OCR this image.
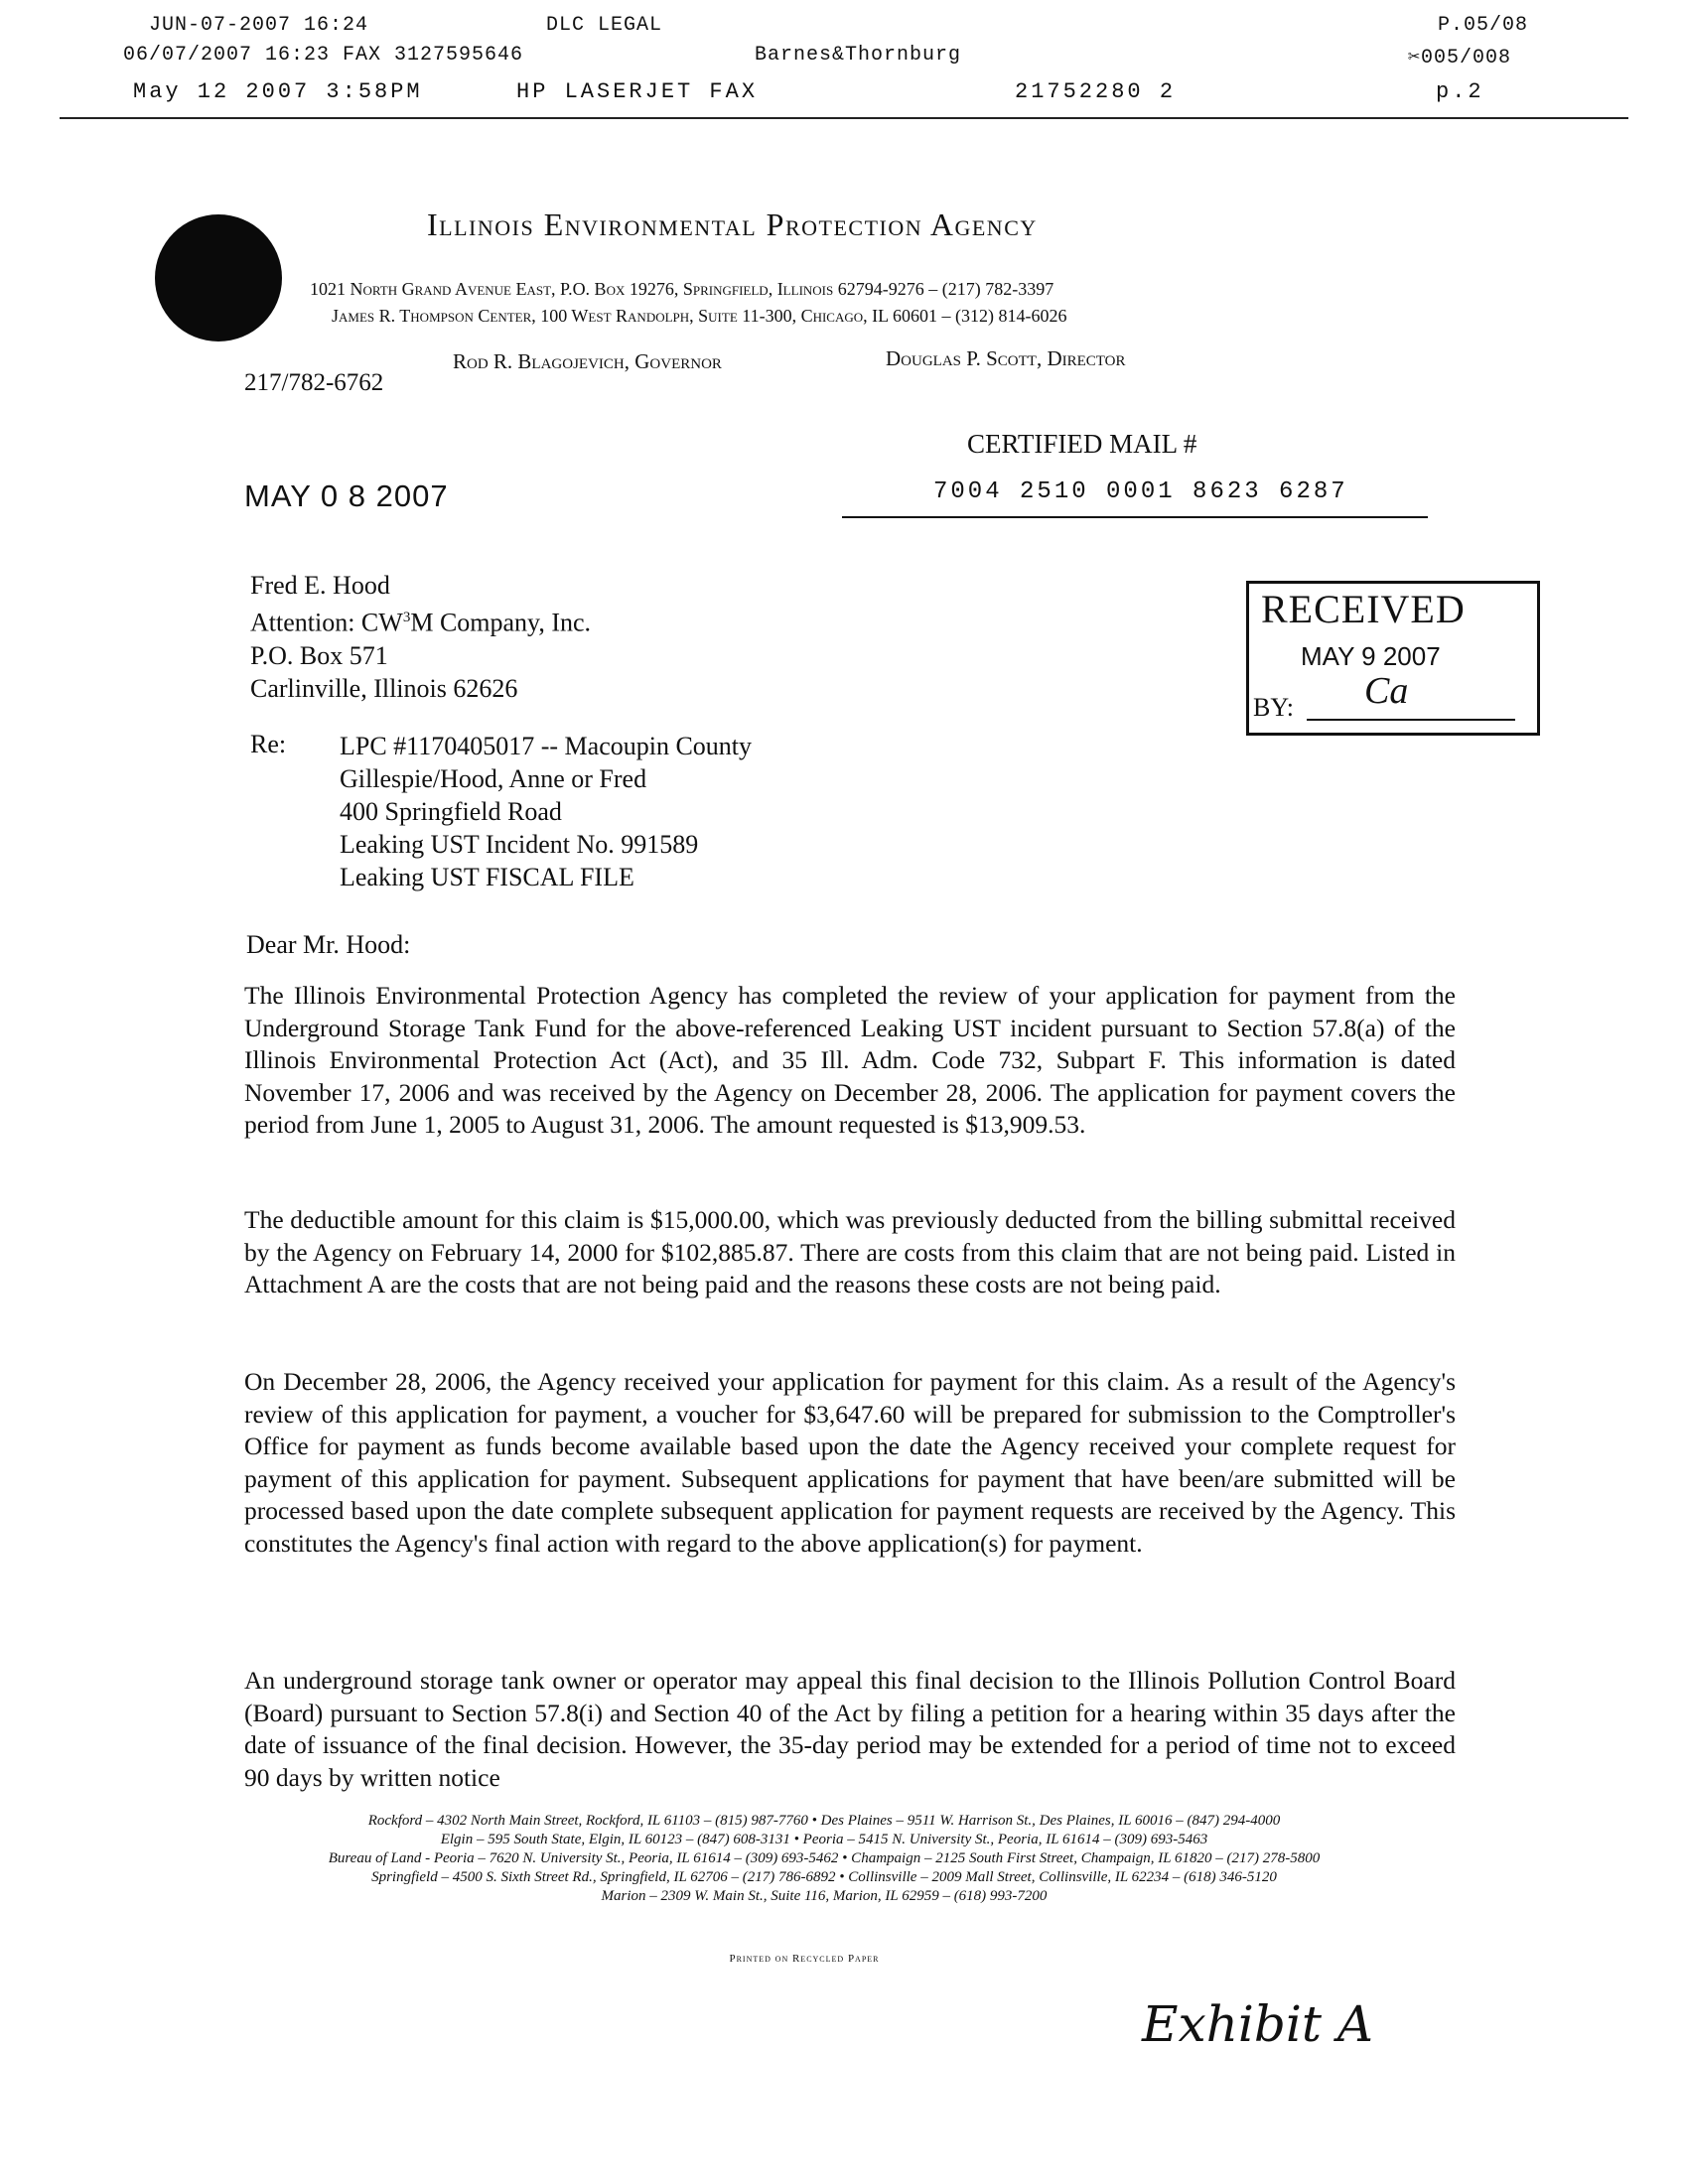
JUN-07-2007 16:24	DLC LEGAL	P.05/08
06/07/2007 16:23 FAX 3127595646	Barnes&Thornburg	✂005/008
May 12 2007 3:58PM	HP LASERJET FAX	21752280 2	p.2
Illinois Environmental Protection Agency
1021 North Grand Avenue East, P.O. Box 19276, Springfield, Illinois 62794-9276 – (217) 782-3397
James R. Thompson Center, 100 West Randolph, Suite 11-300, Chicago, IL 60601 – (312) 814-6026
Rod R. Blagojevich, Governor	Douglas P. Scott, Director
217/782-6762
CERTIFIED MAIL #
7004 2510 0001 8623 6287
MAY 0 8 2007
RECEIVED
MAY 9 2007
BY: Ca
Fred E. Hood
Attention: $CW^3M$ Company, Inc.
P.O. Box 571
Carlinville, Illinois 62626
Re: LPC #1170405017 -- Macoupin County
Gillespie/Hood, Anne or Fred
400 Springfield Road
Leaking UST Incident No. 991589
Leaking UST FISCAL FILE
Dear Mr. Hood:
The Illinois Environmental Protection Agency has completed the review of your application for payment from the Underground Storage Tank Fund for the above-referenced Leaking UST incident pursuant to Section 57.8(a) of the Illinois Environmental Protection Act (Act), and 35 Ill. Adm. Code 732, Subpart F. This information is dated November 17, 2006 and was received by the Agency on December 28, 2006. The application for payment covers the period from June 1, 2005 to August 31, 2006. The amount requested is $13,909.53.
The deductible amount for this claim is $15,000.00, which was previously deducted from the billing submittal received by the Agency on February 14, 2000 for $102,885.87. There are costs from this claim that are not being paid. Listed in Attachment A are the costs that are not being paid and the reasons these costs are not being paid.
On December 28, 2006, the Agency received your application for payment for this claim. As a result of the Agency's review of this application for payment, a voucher for $3,647.60 will be prepared for submission to the Comptroller's Office for payment as funds become available based upon the date the Agency received your complete request for payment of this application for payment. Subsequent applications for payment that have been/are submitted will be processed based upon the date complete subsequent application for payment requests are received by the Agency. This constitutes the Agency's final action with regard to the above application(s) for payment.
An underground storage tank owner or operator may appeal this final decision to the Illinois Pollution Control Board (Board) pursuant to Section 57.8(i) and Section 40 of the Act by filing a petition for a hearing within 35 days after the date of issuance of the final decision. However, the 35-day period may be extended for a period of time not to exceed 90 days by written notice
Rockford – 4302 North Main Street, Rockford, IL 61103 – (815) 987-7760 • Des Plaines – 9511 W. Harrison St., Des Plaines, IL 60016 – (847) 294-4000
Elgin – 595 South State, Elgin, IL 60123 – (847) 608-3131 • Peoria – 5415 N. University St., Peoria, IL 61614 – (309) 693-5463
Bureau of Land - Peoria – 7620 N. University St., Peoria, IL 61614 – (309) 693-5462 • Champaign – 2125 South First Street, Champaign, IL 61820 – (217) 278-5800
Springfield – 4500 S. Sixth Street Rd., Springfield, IL 62706 – (217) 786-6892 • Collinsville – 2009 Mall Street, Collinsville, IL 62234 – (618) 346-5120
Marion – 2309 W. Main St., Suite 116, Marion, IL 62959 – (618) 993-7200
Printed on Recycled Paper
Exhibit A
